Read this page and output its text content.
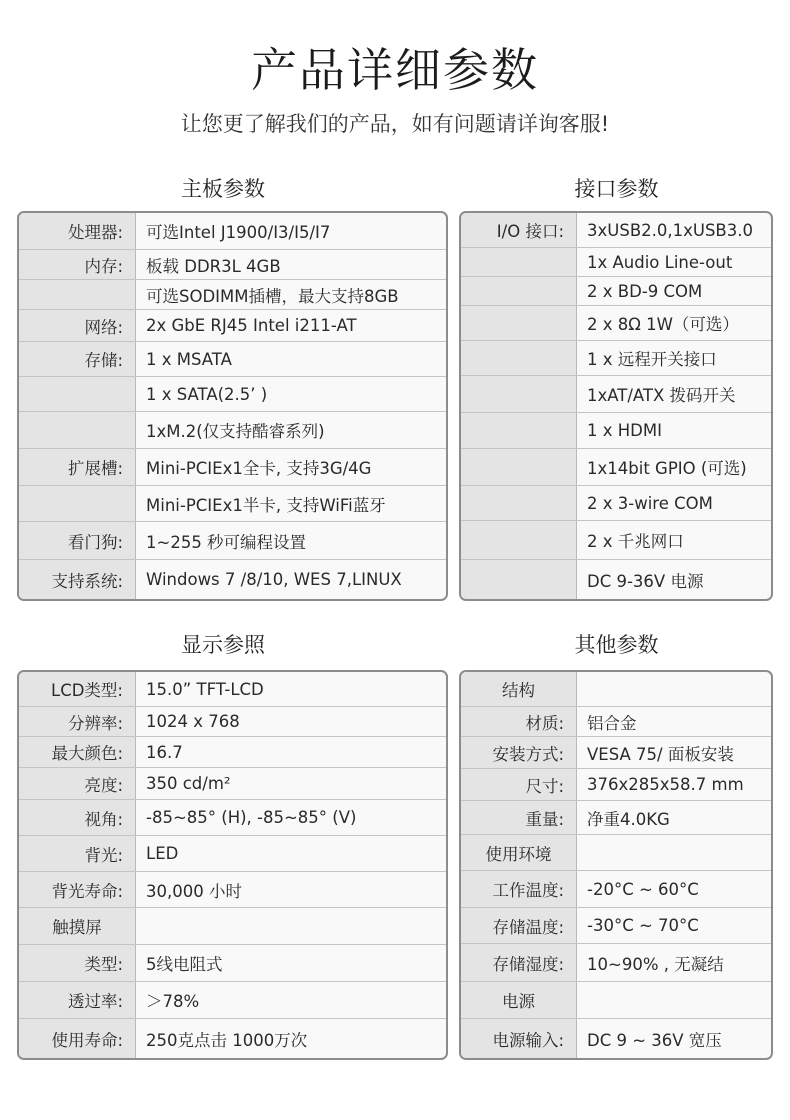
产品详细参数
让您更了解我们的产品，如有问题请详询客服!
主板参数	接口参数
显示参照	其他参数
处理器: 可选Intel J1900/I3/I5/I7
内存: 板载 DDR3L 4GB
可选SODIMM插槽，最大支持8GB
网络: 2x GbE RJ45 Intel i211-AT
存储: 1 x MSATA
1 x SATA(2.5’ )
1xM.2(仅支持酷睿系列)
扩展槽: Mini-PCIEx1全卡, 支持3G/4G
Mini-PCIEx1半卡, 支持WiFi蓝牙
看门狗: 1~255 秒可编程设置
支持系统: Windows 7 /8/10, WES 7,LINUX
I/O 接口: 3xUSB2.0,1xUSB3.0
1x Audio Line-out
2 x BD-9 COM
2 x 8Ω 1W（可选）
1 x 远程开关接口
1xAT/ATX 拨码开关
1 x HDMI
1x14bit GPIO (可选)
2 x 3-wire COM
2 x 千兆网口
DC 9-36V 电源
LCD类型: 15.0” TFT-LCD
分辨率: 1024 x 768
最大颜色: 16.7
亮度: 350 cd/m²
视角: -85~85° (H), -85~85° (V)
背光: LED
背光寿命: 30,000 小时
触摸屏
类型: 5线电阻式
透过率: ＞78%
使用寿命: 250克点击 1000万次
结构
材质: 铝合金
安装方式: VESA 75/ 面板安装
尺寸: 376x285x58.7 mm
重量: 净重4.0KG
使用环境
工作温度: -20°C ~ 60°C
存储温度: -30°C ~ 70°C
存储湿度: 10~90% , 无凝结
电源
电源输入: DC 9 ~ 36V 宽压
